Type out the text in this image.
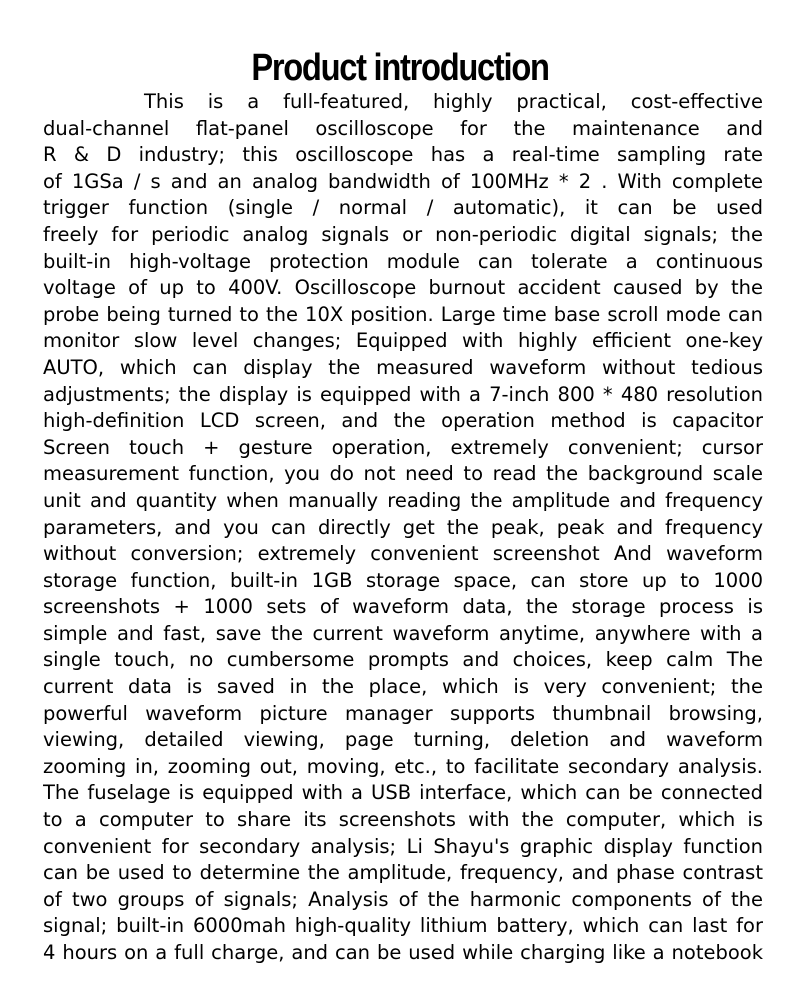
Product introduction
This is a full-featured, highly practical, cost-effective
dual-channel flat-panel oscilloscope for the maintenance and
R & D industry; this oscilloscope has a real-time sampling rate
of 1GSa / s and an analog bandwidth of 100MHz * 2 . With complete
trigger function (single / normal / automatic), it can be used
freely for periodic analog signals or non-periodic digital signals; the
built-in high-voltage protection module can tolerate a continuous
voltage of up to 400V. Oscilloscope burnout accident caused by the
probe being turned to the 10X position. Large time base scroll mode can
monitor slow level changes; Equipped with highly efficient one-key
AUTO, which can display the measured waveform without tedious
adjustments; the display is equipped with a 7-inch 800 * 480 resolution
high-definition LCD screen, and the operation method is capacitor
Screen touch + gesture operation, extremely convenient; cursor
measurement function, you do not need to read the background scale
unit and quantity when manually reading the amplitude and frequency
parameters, and you can directly get the peak, peak and frequency
without conversion; extremely convenient screenshot And waveform
storage function, built-in 1GB storage space, can store up to 1000
screenshots + 1000 sets of waveform data, the storage process is
simple and fast, save the current waveform anytime, anywhere with a
single touch, no cumbersome prompts and choices, keep calm The
current data is saved in the place, which is very convenient; the
powerful waveform picture manager supports thumbnail browsing,
viewing, detailed viewing, page turning, deletion and waveform
zooming in, zooming out, moving, etc., to facilitate secondary analysis.
The fuselage is equipped with a USB interface, which can be connected
to a computer to share its screenshots with the computer, which is
convenient for secondary analysis; Li Shayu's graphic display function
can be used to determine the amplitude, frequency, and phase contrast
of two groups of signals; Analysis of the harmonic components of the
signal; built-in 6000mah high-quality lithium battery, which can last for
4 hours on a full charge, and can be used while charging like a notebook
